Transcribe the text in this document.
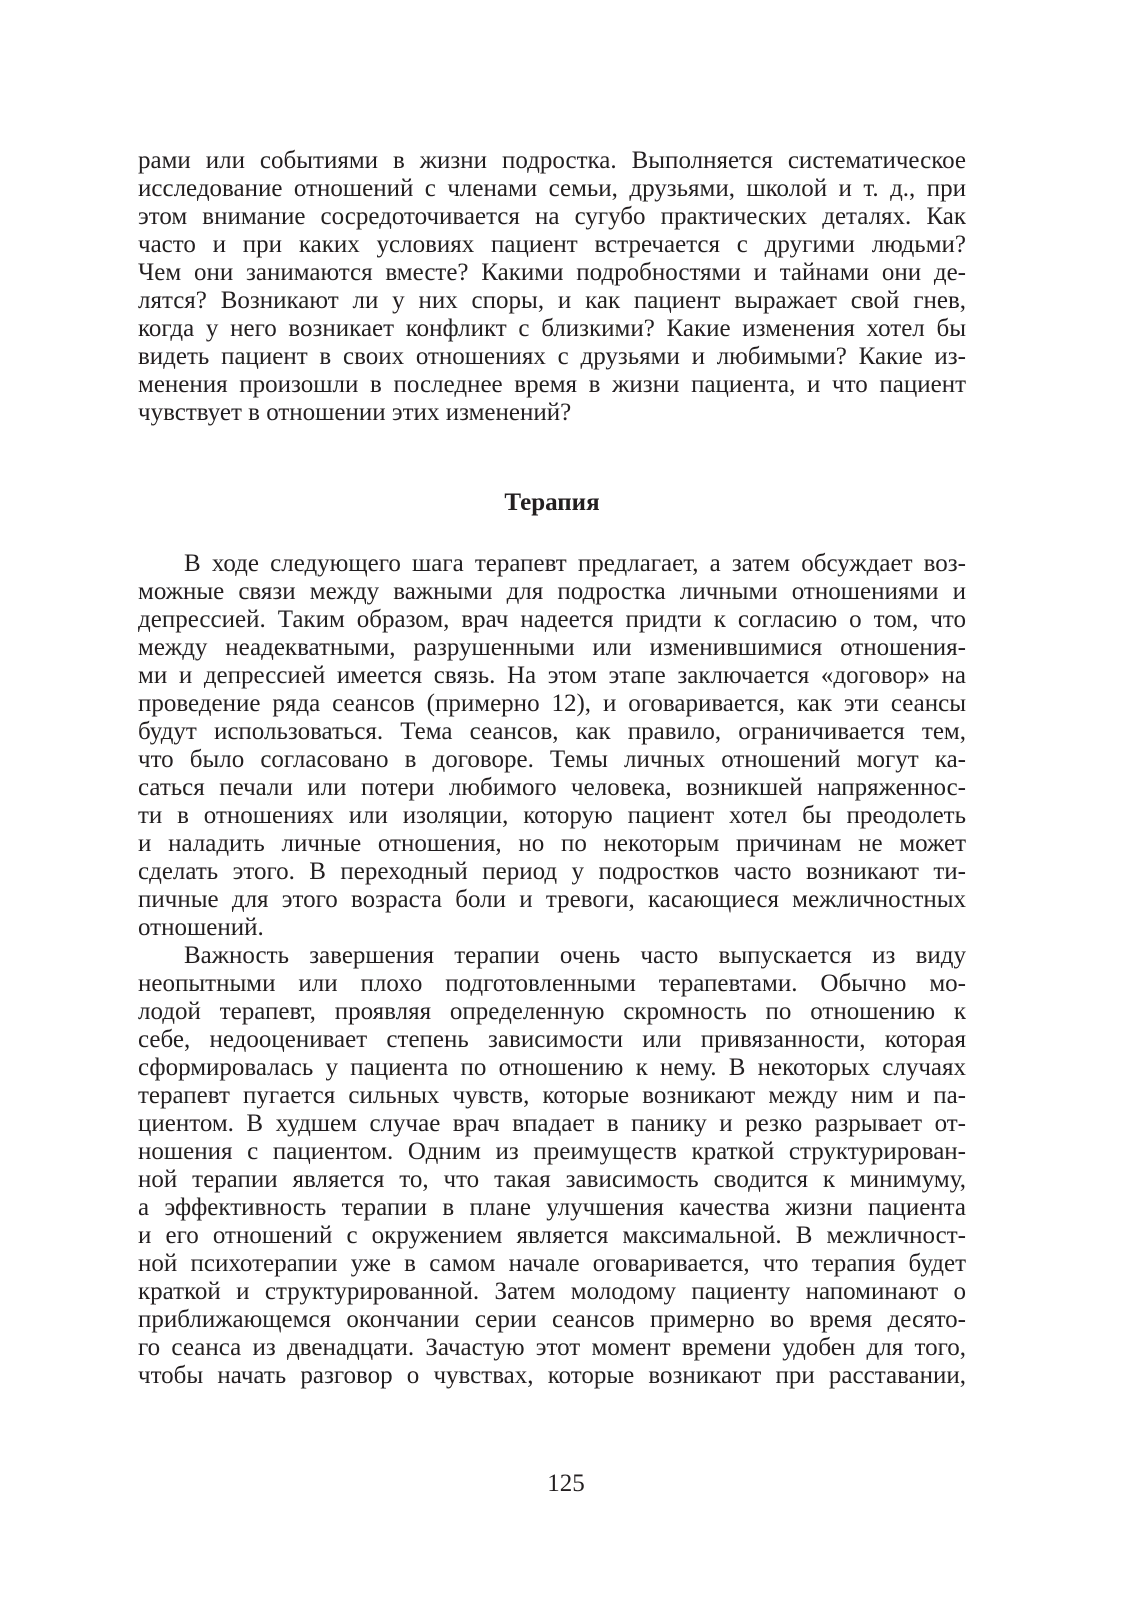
рами или событиями в жизни подростка. Выполняется систематическое
исследование отношений с членами семьи, друзьями, школой и т. д., при
этом внимание сосредоточивается на сугубо практических деталях. Как
часто и при каких условиях пациент встречается с другими людьми?
Чем они занимаются вместе? Какими подробностями и тайнами они де-
лятся? Возникают ли у них споры, и как пациент выражает свой гнев,
когда у него возникает конфликт с близкими? Какие изменения хотел бы
видеть пациент в своих отношениях с друзьями и любимыми? Какие из-
менения произошли в последнее время в жизни пациента, и что пациент
чувствует в отношении этих изменений?
Терапия
В ходе следующего шага терапевт предлагает, а затем обсуждает воз-
можные связи между важными для подростка личными отношениями и
депрессией. Таким образом, врач надеется придти к согласию о том, что
между неадекватными, разрушенными или изменившимися отношения-
ми и депрессией имеется связь. На этом этапе заключается «договор» на
проведение ряда сеансов (примерно 12), и оговаривается, как эти сеансы
будут использоваться. Тема сеансов, как правило, ограничивается тем,
что было согласовано в договоре. Темы личных отношений могут ка-
саться печали или потери любимого человека, возникшей напряженнос-
ти в отношениях или изоляции, которую пациент хотел бы преодолеть
и наладить личные отношения, но по некоторым причинам не может
сделать этого. В переходный период у подростков часто возникают ти-
пичные для этого возраста боли и тревоги, касающиеся межличностных
отношений.
Важность завершения терапии очень часто выпускается из виду
неопытными или плохо подготовленными терапевтами. Обычно мо-
лодой терапевт, проявляя определенную скромность по отношению к
себе, недооценивает степень зависимости или привязанности, которая
сформировалась у пациента по отношению к нему. В некоторых случаях
терапевт пугается сильных чувств, которые возникают между ним и па-
циентом. В худшем случае врач впадает в панику и резко разрывает от-
ношения с пациентом. Одним из преимуществ краткой структурирован-
ной терапии является то, что такая зависимость сводится к минимуму,
а эффективность терапии в плане улучшения качества жизни пациента
и его отношений с окружением является максимальной. В межличност-
ной психотерапии уже в самом начале оговаривается, что терапия будет
краткой и структурированной. Затем молодому пациенту напоминают о
приближающемся окончании серии сеансов примерно во время десято-
го сеанса из двенадцати. Зачастую этот момент времени удобен для того,
чтобы начать разговор о чувствах, которые возникают при расставании,
125
